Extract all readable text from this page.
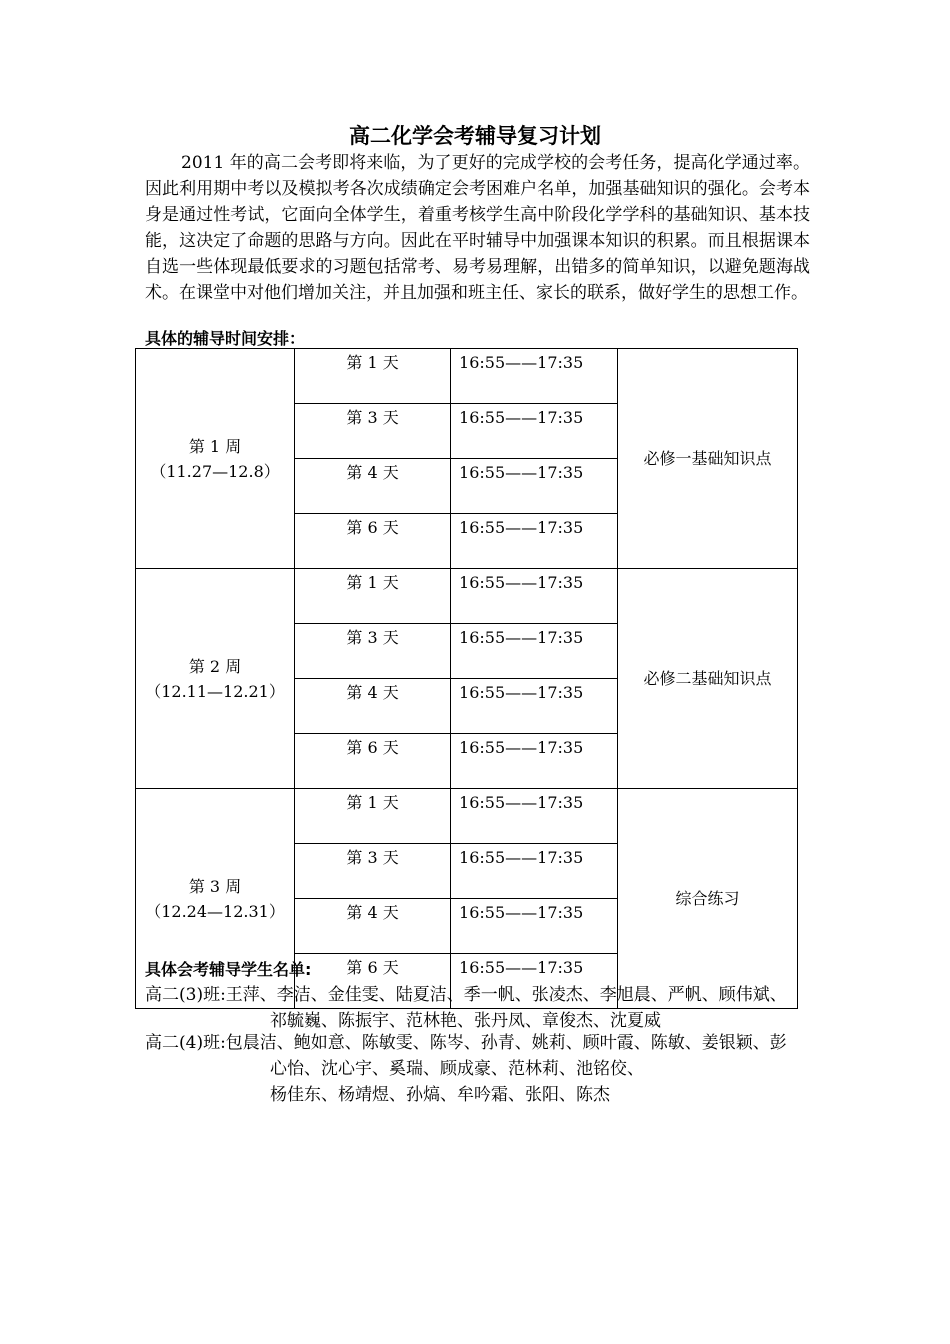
高二化学会考辅导复习计划
2011 年的高二会考即将来临，为了更好的完成学校的会考任务，提高化学通过率。因此利用期中考以及模拟考各次成绩确定会考困难户名单，加强基础知识的强化。会考本身是通过性考试，它面向全体学生，着重考核学生高中阶段化学学科的基础知识、基本技能，这决定了命题的思路与方向。因此在平时辅导中加强课本知识的积累。而且根据课本自选一些体现最低要求的习题包括常考、易考易理解，出错多的简单知识，以避免题海战术。在课堂中对他们增加关注，并且加强和班主任、家长的联系，做好学生的思想工作。
具体的辅导时间安排：
第 1 周
（11.27—12.8）	第 1 天	16:55——17:35	必修一基础知识点
	第 3 天	16:55——17:35	
	第 4 天	16:55——17:35	
	第 6 天	16:55——17:35	

第 2 周
（12.11—12.21）	第 1 天	16:55——17:35	必修二基础知识点
	第 3 天	16:55——17:35	
	第 4 天	16:55——17:35	
	第 6 天	16:55——17:35	

第 3 周
（12.24—12.31）	第 1 天	16:55——17:35	综合练习
	第 3 天	16:55——17:35	
	第 4 天	16:55——17:35	
	第 6 天	16:55——17:35	
具体会考辅导学生名单:
高二(3)班:王萍、李洁、金佳雯、陆夏洁、季一帆、张凌杰、李旭晨、严帆、顾伟斌、
祁毓巍、陈振宇、范林艳、张丹凤、章俊杰、沈夏威
高二(4)班:包晨洁、鲍如意、陈敏雯、陈岑、孙青、姚莉、顾叶霞、陈敏、姜银颖、彭
心怡、沈心宇、奚瑞、顾成豪、范林莉、池铭佼、
杨佳东、杨靖煜、孙熇、牟吟霜、张阳、陈杰
